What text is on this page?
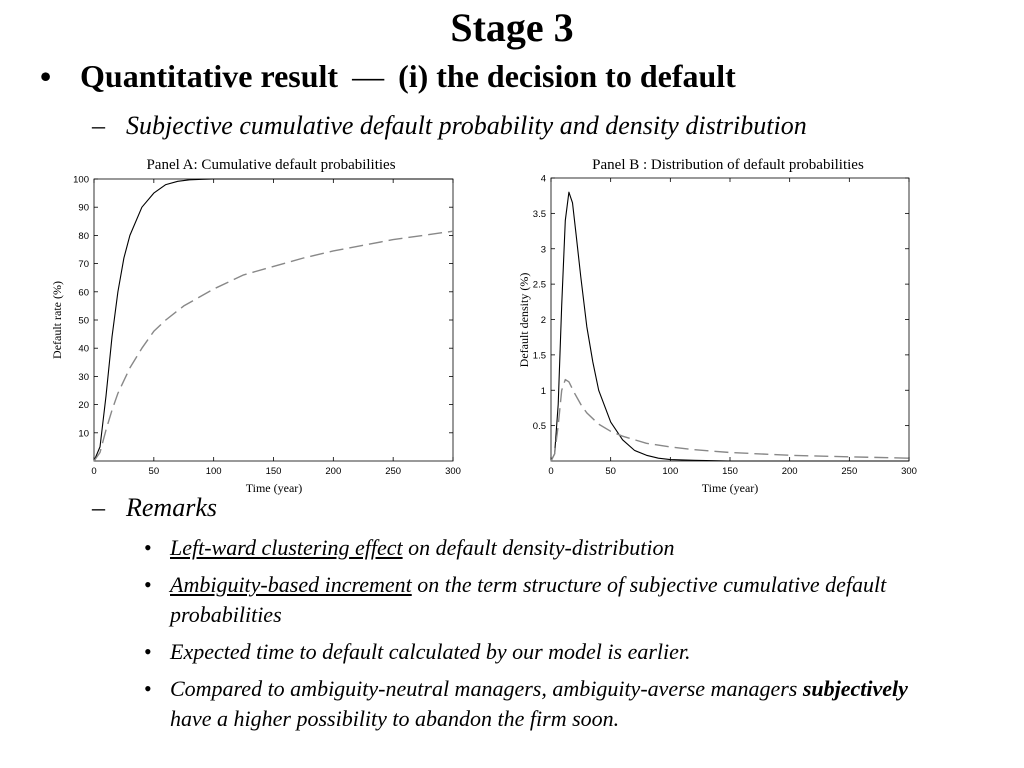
Stage 3
• Quantitative result — (i) the decision to default
– Subjective cumulative default probability and density distribution
Panel A: Cumulative default probabilities
Default rate (%)
Time (year)
0	50	100	150	200	250	300
10
20
30
40
50
60
70
80
90
100
Panel B : Distribution of default probabilities
Default density (%)
Time (year)
0	50	100	150	200	250	300
0.5
1
1.5
2
2.5
3
3.5
4
– Remarks
• Left-ward clustering effect on default density-distribution
• Ambiguity-based increment on the term structure of subjective cumulative default probabilities
• Expected time to default calculated by our model is earlier.
• Compared to ambiguity-neutral managers, ambiguity-averse managers subjectively have a higher possibility to abandon the firm soon.
